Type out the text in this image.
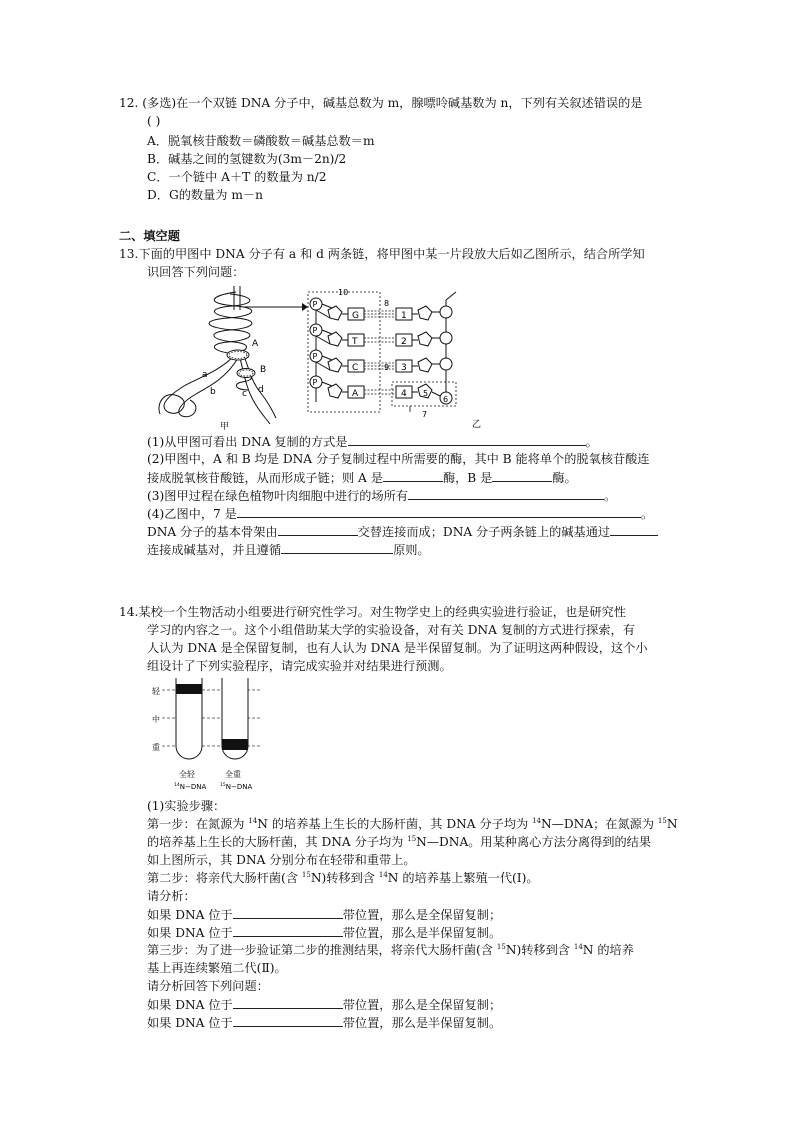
12. (多选)在一个双链 DNA 分子中，碱基总数为 m，腺嘌呤碱基数为 n，下列有关叙述错误的是
( )
A．脱氧核苷酸数＝磷酸数＝碱基总数＝m
B．碱基之间的氢键数为(3m－2n)/2
C．一个链中 A＋T 的数量为 n/2
D．G的数量为 m－n
二、填空题
13.下面的甲图中 DNA 分子有 a 和 d 两条链，将甲图中某一片段放大后如乙图所示，结合所学知
识回答下列问题：
A
B
a
b	c d
甲
10
P
P
P
P
G
T
C
A
1
2
3
4
8
9
5
6
7
乙
(1)从甲图可看出 DNA 复制的方式是	。
(2)甲图中，A 和 B 均是 DNA 分子复制过程中所需要的酶，其中 B 能将单个的脱氧核苷酸连
接成脱氧核苷酸链，从而形成子链；则 A 是	酶，B 是	酶。
(3)图甲过程在绿色植物叶肉细胞中进行的场所有	。
(4)乙图中，7 是	。
DNA 分子的基本骨架由	交替连接而成；DNA 分子两条链上的碱基通过
连接成碱基对，并且遵循	原则。
14.某校一个生物活动小组要进行研究性学习。对生物学史上的经典实验进行验证，也是研究性
学习的内容之一。这个小组借助某大学的实验设备，对有关 DNA 复制的方式进行探索，有
人认为 DNA 是全保留复制，也有人认为 DNA 是半保留复制。为了证明这两种假设，这个小
组设计了下列实验程序，请完成实验并对结果进行预测。
轻
中
重
全轻	全重
$^{14}$N−DNA	$^{15}$N−DNA
(1)实验步骤：
第一步：在氮源为 $^{14}$N 的培养基上生长的大肠杆菌，其 DNA 分子均为 $^{14}$N—DNA；在氮源为 $^{15}$N
的培养基上生长的大肠杆菌，其 DNA 分子均为 $^{15}$N—DNA。用某种离心方法分离得到的结果
如上图所示，其 DNA 分别分布在轻带和重带上。
第二步：将亲代大肠杆菌(含 $^{15}$N)转移到含 $^{14}$N 的培养基上繁殖一代(Ⅰ)。
请分析：
如果 DNA 位于	带位置，那么是全保留复制；
如果 DNA 位于	带位置，那么是半保留复制。
第三步：为了进一步验证第二步的推测结果，将亲代大肠杆菌(含 $^{15}$N)转移到含 $^{14}$N 的培养
基上再连续繁殖二代(Ⅱ)。
请分析回答下列问题：
如果 DNA 位于	带位置，那么是全保留复制；
如果 DNA 位于	带位置，那么是半保留复制。
